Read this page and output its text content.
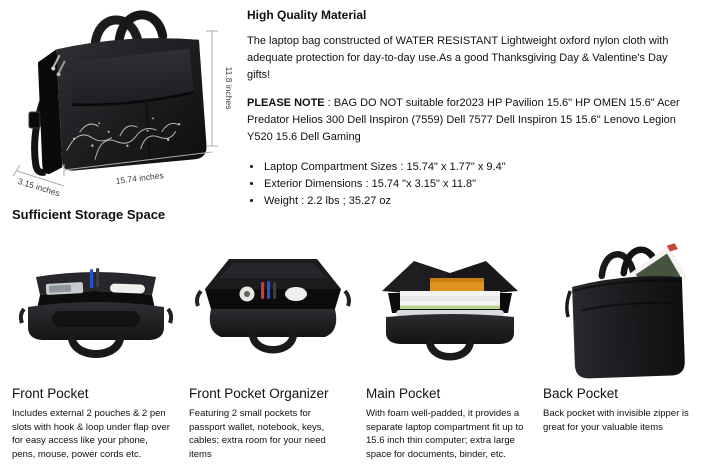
11.8 inches
15.74 inches
3.15 inches
High Quality Material

The laptop bag constructed of WATER RESISTANT Lightweight oxford nylon cloth with adequate protection for day-to-day use.As a good Thanksgiving Day & Valentine's Day gifts!

PLEASE NOTE : BAG DO NOT suitable for2023 HP Pavilion 15.6" HP OMEN 15.6" Acer Predator Helios 300 Dell Inspiron (7559) Dell 7577 Dell Inspiron 15 15.6" Lenovo Legion Y520 15.6 Dell Gaming

• Laptop Compartment Sizes : 15.74" x 1.77" x 9.4"
• Exterior Dimensions : 15.74 "x 3.15" x 11.8"
• Weight : 2.2 lbs ; 35.27 oz
Sufficient Storage Space
Front Pocket

Includes external 2 pouches & 2 pen slots with hook & loop under flap over for easy access like your phone, pens, mouse, power cords etc.

Front Pocket Organizer

Featuring 2 small pockets for passport wallet, notebook, keys, cables; extra room for your need items

Main Pocket

With foam well-padded, it provides a separate laptop compartment fit up to 15.6 inch thin computer; extra large space for documents, binder, etc.

Back Pocket

Back pocket with invisible zipper is great for your valuable items
